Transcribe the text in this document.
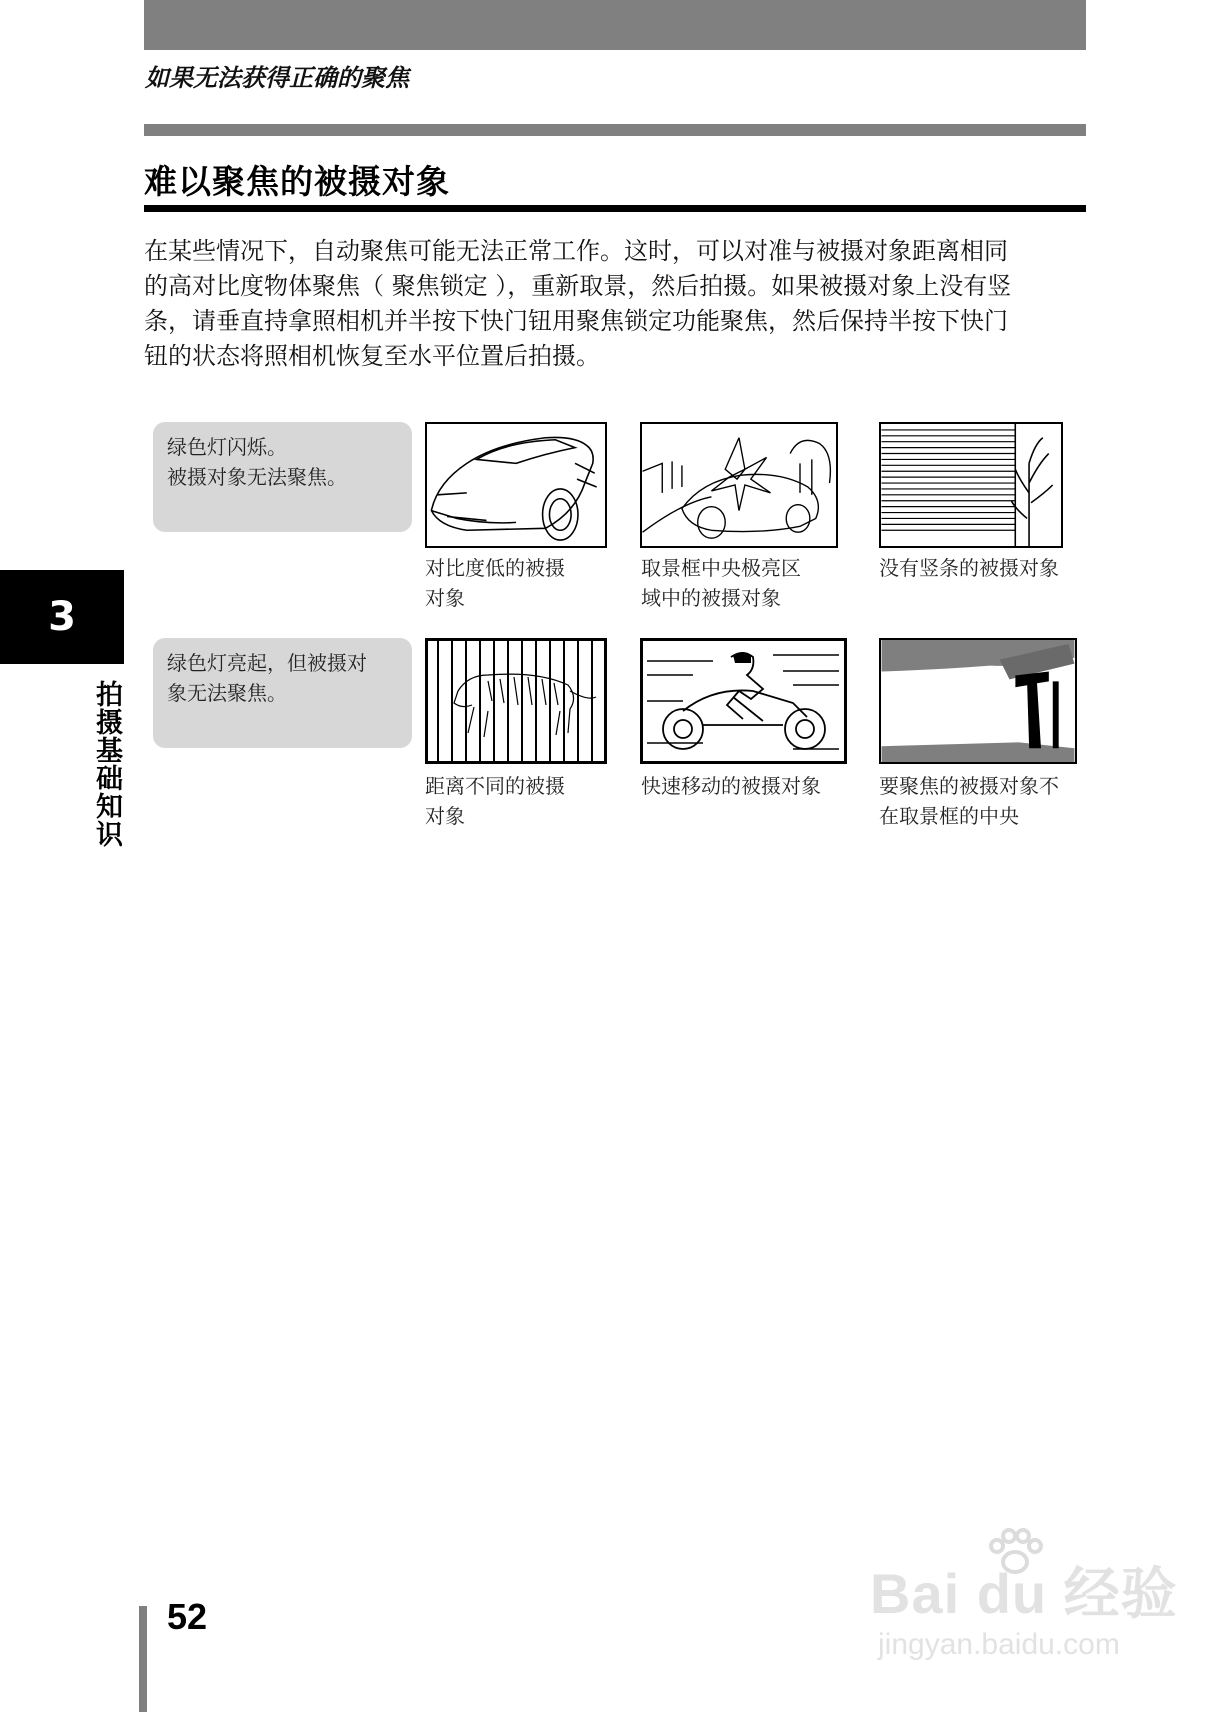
如果无法获得正确的聚焦
难以聚焦的被摄对象
在某些情况下，自动聚焦可能无法正常工作。这时，可以对准与被摄对象距离相同
的高对比度物体聚焦（ 聚焦锁定 ），重新取景，然后拍摄。如果被摄对象上没有竖
条，请垂直持拿照相机并半按下快门钮用聚焦锁定功能聚焦，然后保持半按下快门
钮的状态将照相机恢复至水平位置后拍摄。
绿色灯闪烁。
被摄对象无法聚焦。
对比度低的被摄
对象
取景框中央极亮区
域中的被摄对象
没有竖条的被摄对象
绿色灯亮起，但被摄对
象无法聚焦。
距离不同的被摄
对象
快速移动的被摄对象	要聚焦的被摄对象不
在取景框的中央
3
拍摄基础知识
52	Bai du 经验
jingyan.baidu.com
